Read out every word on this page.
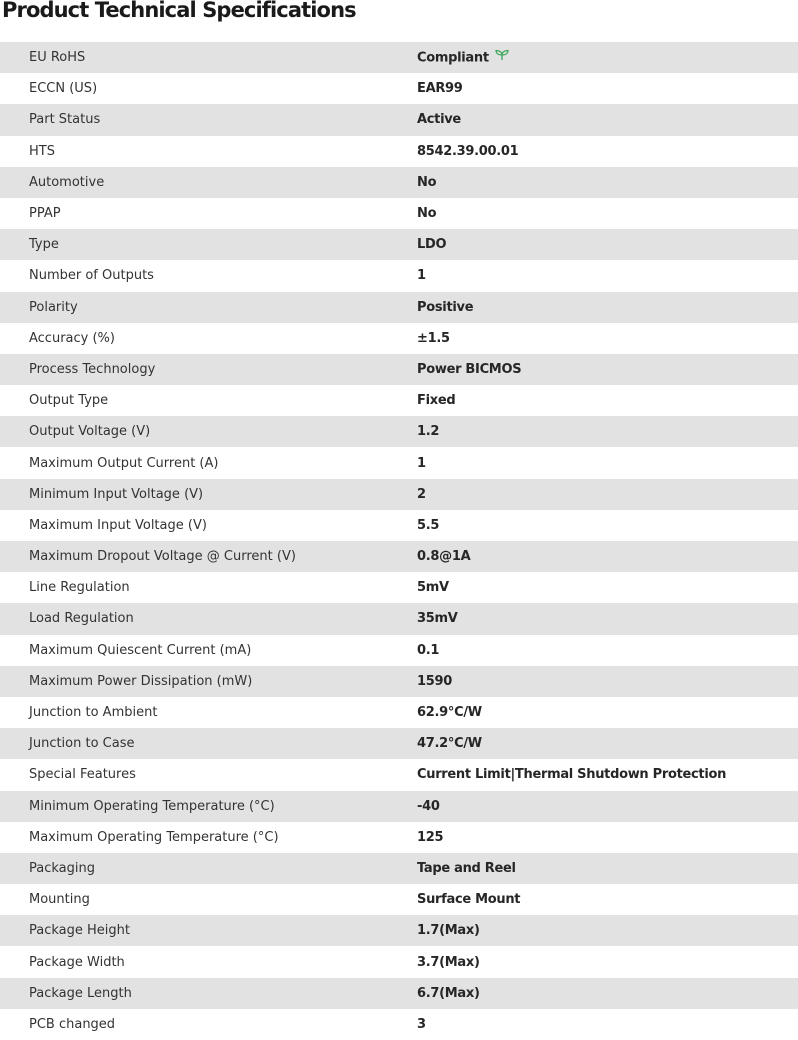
Product Technical Specifications
EU RoHS	Compliant
ECCN (US)	EAR99
Part Status	Active
HTS	8542.39.00.01
Automotive	No
PPAP	No
Type	LDO
Number of Outputs	1
Polarity	Positive
Accuracy (%)	±1.5
Process Technology	Power BICMOS
Output Type	Fixed
Output Voltage (V)	1.2
Maximum Output Current (A)	1
Minimum Input Voltage (V)	2
Maximum Input Voltage (V)	5.5
Maximum Dropout Voltage @ Current (V)	0.8@1A
Line Regulation	5mV
Load Regulation	35mV
Maximum Quiescent Current (mA)	0.1
Maximum Power Dissipation (mW)	1590
Junction to Ambient	62.9°C/W
Junction to Case	47.2°C/W
Special Features	Current Limit|Thermal Shutdown Protection
Minimum Operating Temperature (°C)	-40
Maximum Operating Temperature (°C)	125
Packaging	Tape and Reel
Mounting	Surface Mount
Package Height	1.7(Max)
Package Width	3.7(Max)
Package Length	6.7(Max)
PCB changed	3
